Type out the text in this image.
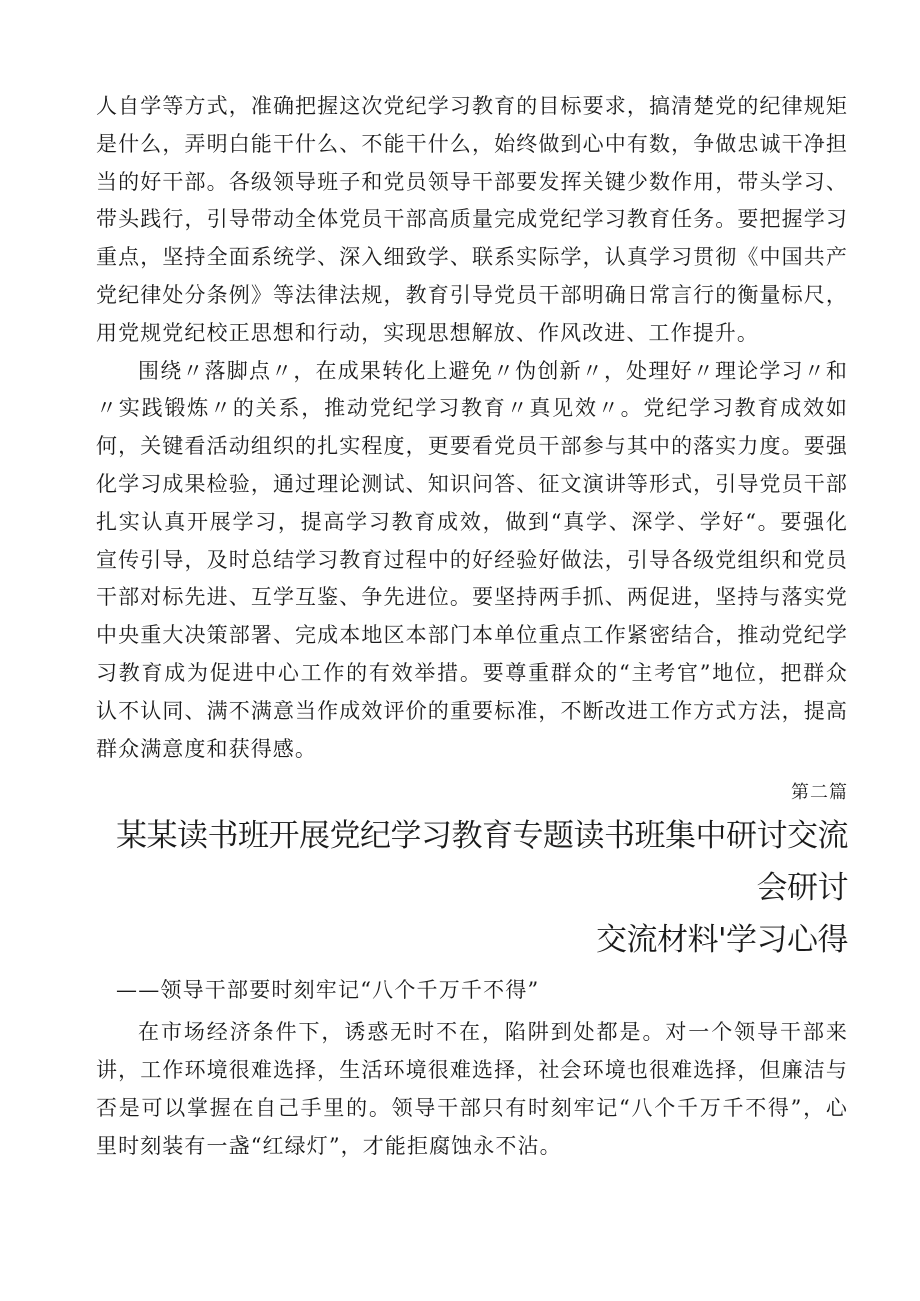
人自学等方式，准确把握这次党纪学习教育的目标要求，搞清楚党的纪律规矩是什么，弄明白能干什么、不能干什么，始终做到心中有数，争做忠诚干净担当的好干部。各级领导班子和党员领导干部要发挥关键少数作用，带头学习、带头践行，引导带动全体党员干部高质量完成党纪学习教育任务。要把握学习重点，坚持全面系统学、深入细致学、联系实际学，认真学习贯彻《中国共产党纪律处分条例》等法律法规，教育引导党员干部明确日常言行的衡量标尺，用党规党纪校正思想和行动，实现思想解放、作风改进、工作提升。

围绕〃落脚点〃，在成果转化上避免〃伪创新〃，处理好〃理论学习〃和〃实践锻炼〃的关系，推动党纪学习教育〃真见效〃。党纪学习教育成效如何，关键看活动组织的扎实程度，更要看党员干部参与其中的落实力度。要强化学习成果检验，通过理论测试、知识问答、征文演讲等形式，引导党员干部扎实认真开展学习，提高学习教育成效，做到“真学、深学、学好“。要强化宣传引导，及时总结学习教育过程中的好经验好做法，引导各级党组织和党员干部对标先进、互学互鉴、争先进位。要坚持两手抓、两促进，坚持与落实党中央重大决策部署、完成本地区本部门本单位重点工作紧密结合，推动党纪学习教育成为促进中心工作的有效举措。要尊重群众的“主考官”地位，把群众认不认同、满不满意当作成效评价的重要标准，不断改进工作方式方法，提高群众满意度和获得感。

第二篇

某某读书班开展党纪学习教育专题读书班集中研讨交流会研讨
交流材料'学习心得

——领导干部要时刻牢记“八个千万千不得”

在市场经济条件下，诱惑无时不在，陷阱到处都是。对一个领导干部来讲，工作环境很难选择，生活环境很难选择，社会环境也很难选择，但廉洁与否是可以掌握在自己手里的。领导干部只有时刻牢记“八个千万千不得”，心里时刻装有一盏“红绿灯”，才能拒腐蚀永不沾。
